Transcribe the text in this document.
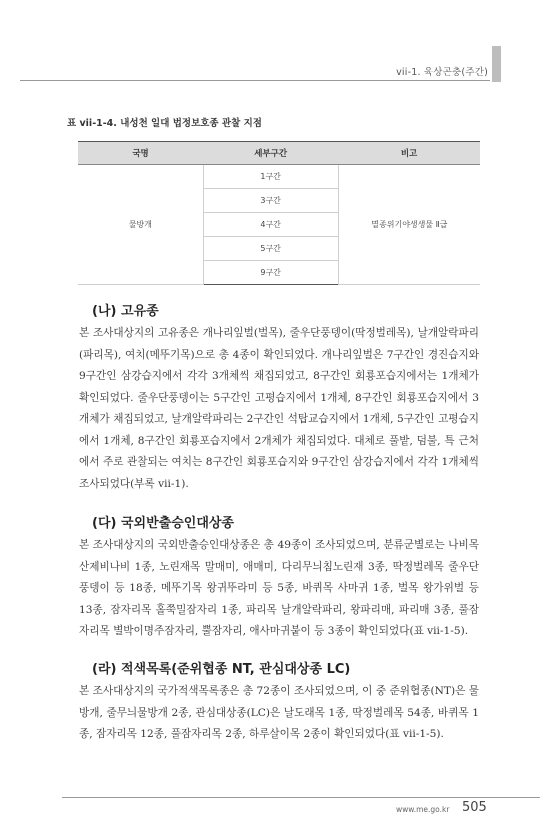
vii-1. 육상곤충(주간)
표 vii-1-4. 내성천 일대 법정보호종 관찰 지점
국명	세부구간	비고
물방개	1구간	멸종위기야생생물 Ⅱ급
	3구간	
	4구간	
	5구간	
	9구간	
(나) 고유종

본 조사대상지의 고유종은 개나리잎벌(벌목), 줄우단풍뎅이(딱정벌레목), 날개알락파리(파리목), 여치(메뚜기목)으로 총 4종이 확인되었다. 개나리잎벌은 7구간인 경진습지와 9구간인 삼강습지에서 각각 3개체씩 채집되었고, 8구간인 회룡포습지에서는 1개체가 확인되었다. 줄우단풍뎅이는 5구간인 고평습지에서 1개체, 8구간인 회룡포습지에서 3개체가 채집되었고, 날개알락파리는 2구간인 석탑교습지에서 1개체, 5구간인 고평습지에서 1개체, 8구간인 회룡포습지에서 2개체가 채집되었다. 대체로 풀밭, 덤불, 특 근처에서 주로 관찰되는 여치는 8구간인 회룡포습지와 9구간인 삼강습지에서 각각 1개체씩 조사되었다(부록 vii-1).

(다) 국외반출승인대상종

본 조사대상지의 국외반출승인대상종은 총 49종이 조사되었으며, 분류군별로는 나비목 산제비나비 1종, 노린재목 말매미, 애매미, 다리무늬침노린재 3종, 딱정벌레목 줄우단풍뎅이 등 18종, 메뚜기목 왕귀뚜라미 등 5종, 바퀴목 사마귀 1종, 벌목 왕가위벌 등 13종, 잠자리목 홀쭉밀잠자리 1종, 파리목 날개알락파리, 왕파리매, 파리매 3종, 풀잠자리목 별박이명주잠자리, 뿔잠자리, 애사마귀붙이 등 3종이 확인되었다(표 vii-1-5).

(라) 적색목록(준위협종 NT, 관심대상종 LC)

본 조사대상지의 국가적색목록종은 총 72종이 조사되었으며, 이 중 준위협종(NT)은 물방개, 줄무늬물방개 2종, 관심대상종(LC)은 날도래목 1종, 딱정벌레목 54종, 바퀴목 1종, 잠자리목 12종, 풀잠자리목 2종, 하루살이목 2종이 확인되었다(표 vii-1-5).

www.me.go.kr 505
